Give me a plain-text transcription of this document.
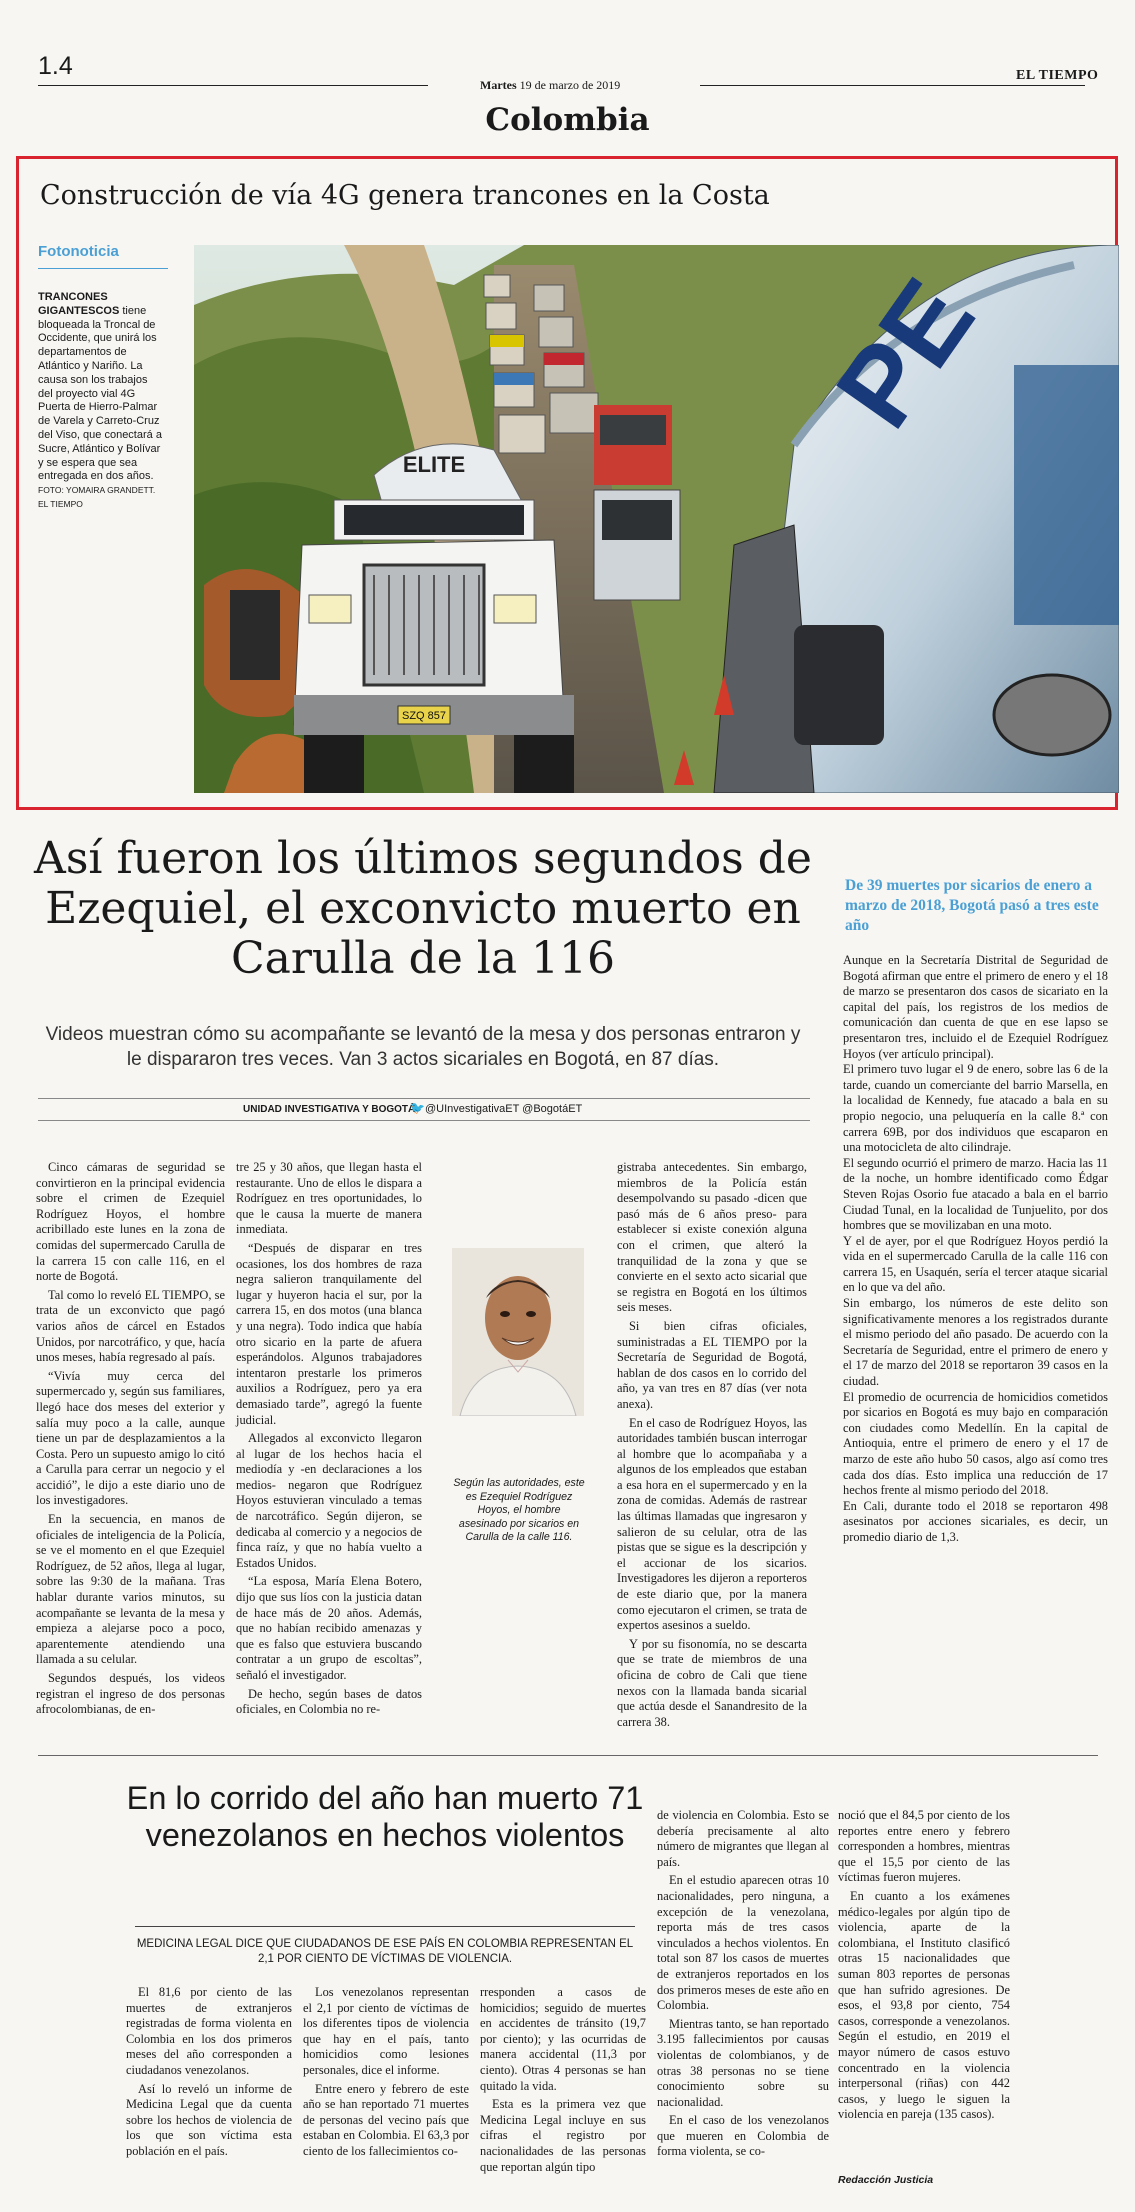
1.4
Martes 19 de marzo de 2019
EL TIEMPO
Colombia
Construcción de vía 4G genera trancones en la Costa
Fotonoticia
TRANCONES GIGANTESCOS tiene bloqueada la Troncal de Occidente, que unirá los departamentos de Atlántico y Nariño. La causa son los trabajos del proyecto vial 4G Puerta de Hierro-Palmar de Varela y Carreto-Cruz del Viso, que conectará a Sucre, Atlántico y Bolívar y se espera que sea entregada en dos años. FOTO: YOMAIRA GRANDETT. EL TIEMPO
SZQ 857
ELITE
PE
Así fueron los últimos segundos de Ezequiel, el exconvicto muerto en Carulla de la 116
Videos muestran cómo su acompañante se levantó de la mesa y dos personas entraron y le dispararon tres veces. Van 3 actos sicariales en Bogotá, en 87 días.
UNIDAD INVESTIGATIVA Y BOGOTÁ
🐦 @UInvestigativaET @BogotáET

Cinco cámaras de seguridad se convirtieron en la principal evidencia sobre el crimen de Ezequiel Rodríguez Hoyos, el hombre acribillado este lunes en la zona de comidas del supermercado Carulla de la carrera 15 con calle 116, en el norte de Bogotá.

Tal como lo reveló EL TIEMPO, se trata de un exconvicto que pagó varios años de cárcel en Estados Unidos, por narcotráfico, y que, hacía unos meses, había regresado al país.

“Vivía muy cerca del supermercado y, según sus familiares, llegó hace dos meses del exterior y salía muy poco a la calle, aunque tiene un par de desplazamientos a la Costa. Pero un supuesto amigo lo citó a Carulla para cerrar un negocio y el accidió”, le dijo a este diario uno de los investigadores.

En la secuencia, en manos de oficiales de inteligencia de la Policía, se ve el momento en el que Ezequiel Rodríguez, de 52 años, llega al lugar, sobre las 9:30 de la mañana. Tras hablar durante varios minutos, su acompañante se levanta de la mesa y empieza a alejarse poco a poco, aparentemente atendiendo una llamada a su celular.

Segundos después, los videos registran el ingreso de dos personas afrocolombianas, de en-

tre 25 y 30 años, que llegan hasta el restaurante. Uno de ellos le dispara a Rodríguez en tres oportunidades, lo que le causa la muerte de manera inmediata.

“Después de disparar en tres ocasiones, los dos hombres de raza negra salieron tranquilamente del lugar y huyeron hacia el sur, por la carrera 15, en dos motos (una blanca y una negra). Todo indica que había otro sicario en la parte de afuera esperándolos. Algunos trabajadores intentaron prestarle los primeros auxilios a Rodríguez, pero ya era demasiado tarde”, agregó la fuente judicial.

Allegados al exconvicto llegaron al lugar de los hechos hacia el mediodía y -en declaraciones a los medios- negaron que Rodríguez Hoyos estuvieran vinculado a temas de narcotráfico. Según dijeron, se dedicaba al comercio y a negocios de finca raíz, y que no había vuelto a Estados Unidos.

“La esposa, María Elena Botero, dijo que sus líos con la justicia datan de hace más de 20 años. Además, que no habían recibido amenazas y que es falso que estuviera buscando contratar a un grupo de escoltas”, señaló el investigador.

De hecho, según bases de datos oficiales, en Colombia no re-

Según las autoridades, este es Ezequiel Rodríguez Hoyos, el hombre asesinado por sicarios en Carulla de la calle 116.

gistraba antecedentes. Sin embargo, miembros de la Policía están desempolvando su pasado -dicen que pasó más de 6 años preso- para establecer si existe conexión alguna con el crimen, que alteró la tranquilidad de la zona y que se convierte en el sexto acto sicarial que se registra en Bogotá en los últimos seis meses.

Si bien cifras oficiales, suministradas a EL TIEMPO por la Secretaría de Seguridad de Bogotá, hablan de dos casos en lo corrido del año, ya van tres en 87 días (ver nota anexa).

En el caso de Rodríguez Hoyos, las autoridades también buscan interrogar al hombre que lo acompañaba y a algunos de los empleados que estaban a esa hora en el supermercado y en la zona de comidas. Además de rastrear las últimas llamadas que ingresaron y salieron de su celular, otra de las pistas que se sigue es la descripción y el accionar de los sicarios. Investigadores les dijeron a reporteros de este diario que, por la manera como ejecutaron el crimen, se trata de expertos asesinos a sueldo.

Y por su fisonomía, no se descarta que se trate de miembros de una oficina de cobro de Cali que tiene nexos con la llamada banda sicarial que actúa desde el Sanandresito de la carrera 38.

De 39 muertes por sicarios de enero a marzo de 2018, Bogotá pasó a tres este año

Aunque en la Secretaría Distrital de Seguridad de Bogotá afirman que entre el primero de enero y el 18 de marzo se presentaron dos casos de sicariato en la capital del país, los registros de los medios de comunicación dan cuenta de que en ese lapso se presentaron tres, incluido el de Ezequiel Rodríguez Hoyos (ver artículo principal).

El primero tuvo lugar el 9 de enero, sobre las 6 de la tarde, cuando un comerciante del barrio Marsella, en la localidad de Kennedy, fue atacado a bala en su propio negocio, una peluquería en la calle 8.ª con carrera 69B, por dos individuos que escaparon en una motocicleta de alto cilindraje.

El segundo ocurrió el primero de marzo. Hacia las 11 de la noche, un hombre identificado como Édgar Steven Rojas Osorio fue atacado a bala en el barrio Ciudad Tunal, en la localidad de Tunjuelito, por dos hombres que se movilizaban en una moto.

Y el de ayer, por el que Rodríguez Hoyos perdió la vida en el supermercado Carulla de la calle 116 con carrera 15, en Usaquén, sería el tercer ataque sicarial en lo que va del año.

Sin embargo, los números de este delito son significativamente menores a los registrados durante el mismo periodo del año pasado. De acuerdo con la Secretaría de Seguridad, entre el primero de enero y el 17 de marzo del 2018 se reportaron 39 casos en la ciudad.

El promedio de ocurrencia de homicidios cometidos por sicarios en Bogotá es muy bajo en comparación con ciudades como Medellín. En la capital de Antioquia, entre el primero de enero y el 17 de marzo de este año hubo 50 casos, algo así como tres cada dos días. Esto implica una reducción de 17 hechos frente al mismo periodo del 2018.

En Cali, durante todo el 2018 se reportaron 498 asesinatos por acciones sicariales, es decir, un promedio diario de 1,3.

En lo corrido del año han muerto 71 venezolanos en hechos violentos
MEDICINA LEGAL DICE QUE CIUDADANOS DE ESE PAÍS EN COLOMBIA REPRESENTAN EL 2,1 POR CIENTO DE VÍCTIMAS DE VIOLENCIA.

El 81,6 por ciento de las muertes de extranjeros registradas de forma violenta en Colombia en los dos primeros meses del año corresponden a ciudadanos venezolanos.

Así lo reveló un informe de Medicina Legal que da cuenta sobre los hechos de violencia de los que son víctima esta población en el país.

Los venezolanos representan el 2,1 por ciento de víctimas de los diferentes tipos de violencia que hay en el país, tanto homicidios como lesiones personales, dice el informe.

Entre enero y febrero de este año se han reportado 71 muertes de personas del vecino país que estaban en Colombia. El 63,3 por ciento de los fallecimientos co-

rresponden a casos de homicidios; seguido de muertes en accidentes de tránsito (19,7 por ciento); y las ocurridas de manera accidental (11,3 por ciento). Otras 4 personas se han quitado la vida.

Esta es la primera vez que Medicina Legal incluye en sus cifras el registro por nacionalidades de las personas que reportan algún tipo

de violencia en Colombia. Esto se debería precisamente al alto número de migrantes que llegan al país.

En el estudio aparecen otras 10 nacionalidades, pero ninguna, a excepción de la venezolana, reporta más de tres casos vinculados a hechos violentos. En total son 87 los casos de muertes de extranjeros reportados en los dos primeros meses de este año en Colombia.

Mientras tanto, se han reportado 3.195 fallecimientos por causas violentas de colombianos, y de otras 38 personas no se tiene conocimiento sobre su nacionalidad.

En el caso de los venezolanos que mueren en Colombia de forma violenta, se co-

noció que el 84,5 por ciento de los reportes entre enero y febrero corresponden a hombres, mientras que el 15,5 por ciento de las víctimas fueron mujeres.

En cuanto a los exámenes médico-legales por algún tipo de violencia, aparte de la colombiana, el Instituto clasificó otras 15 nacionalidades que suman 803 reportes de personas que han sufrido agresiones. De esos, el 93,8 por ciento, 754 casos, corresponde a venezolanos. Según el estudio, en 2019 el mayor número de casos estuvo concentrado en la violencia interpersonal (riñas) con 442 casos, y luego le siguen la violencia en pareja (135 casos).

Redacción Justicia
